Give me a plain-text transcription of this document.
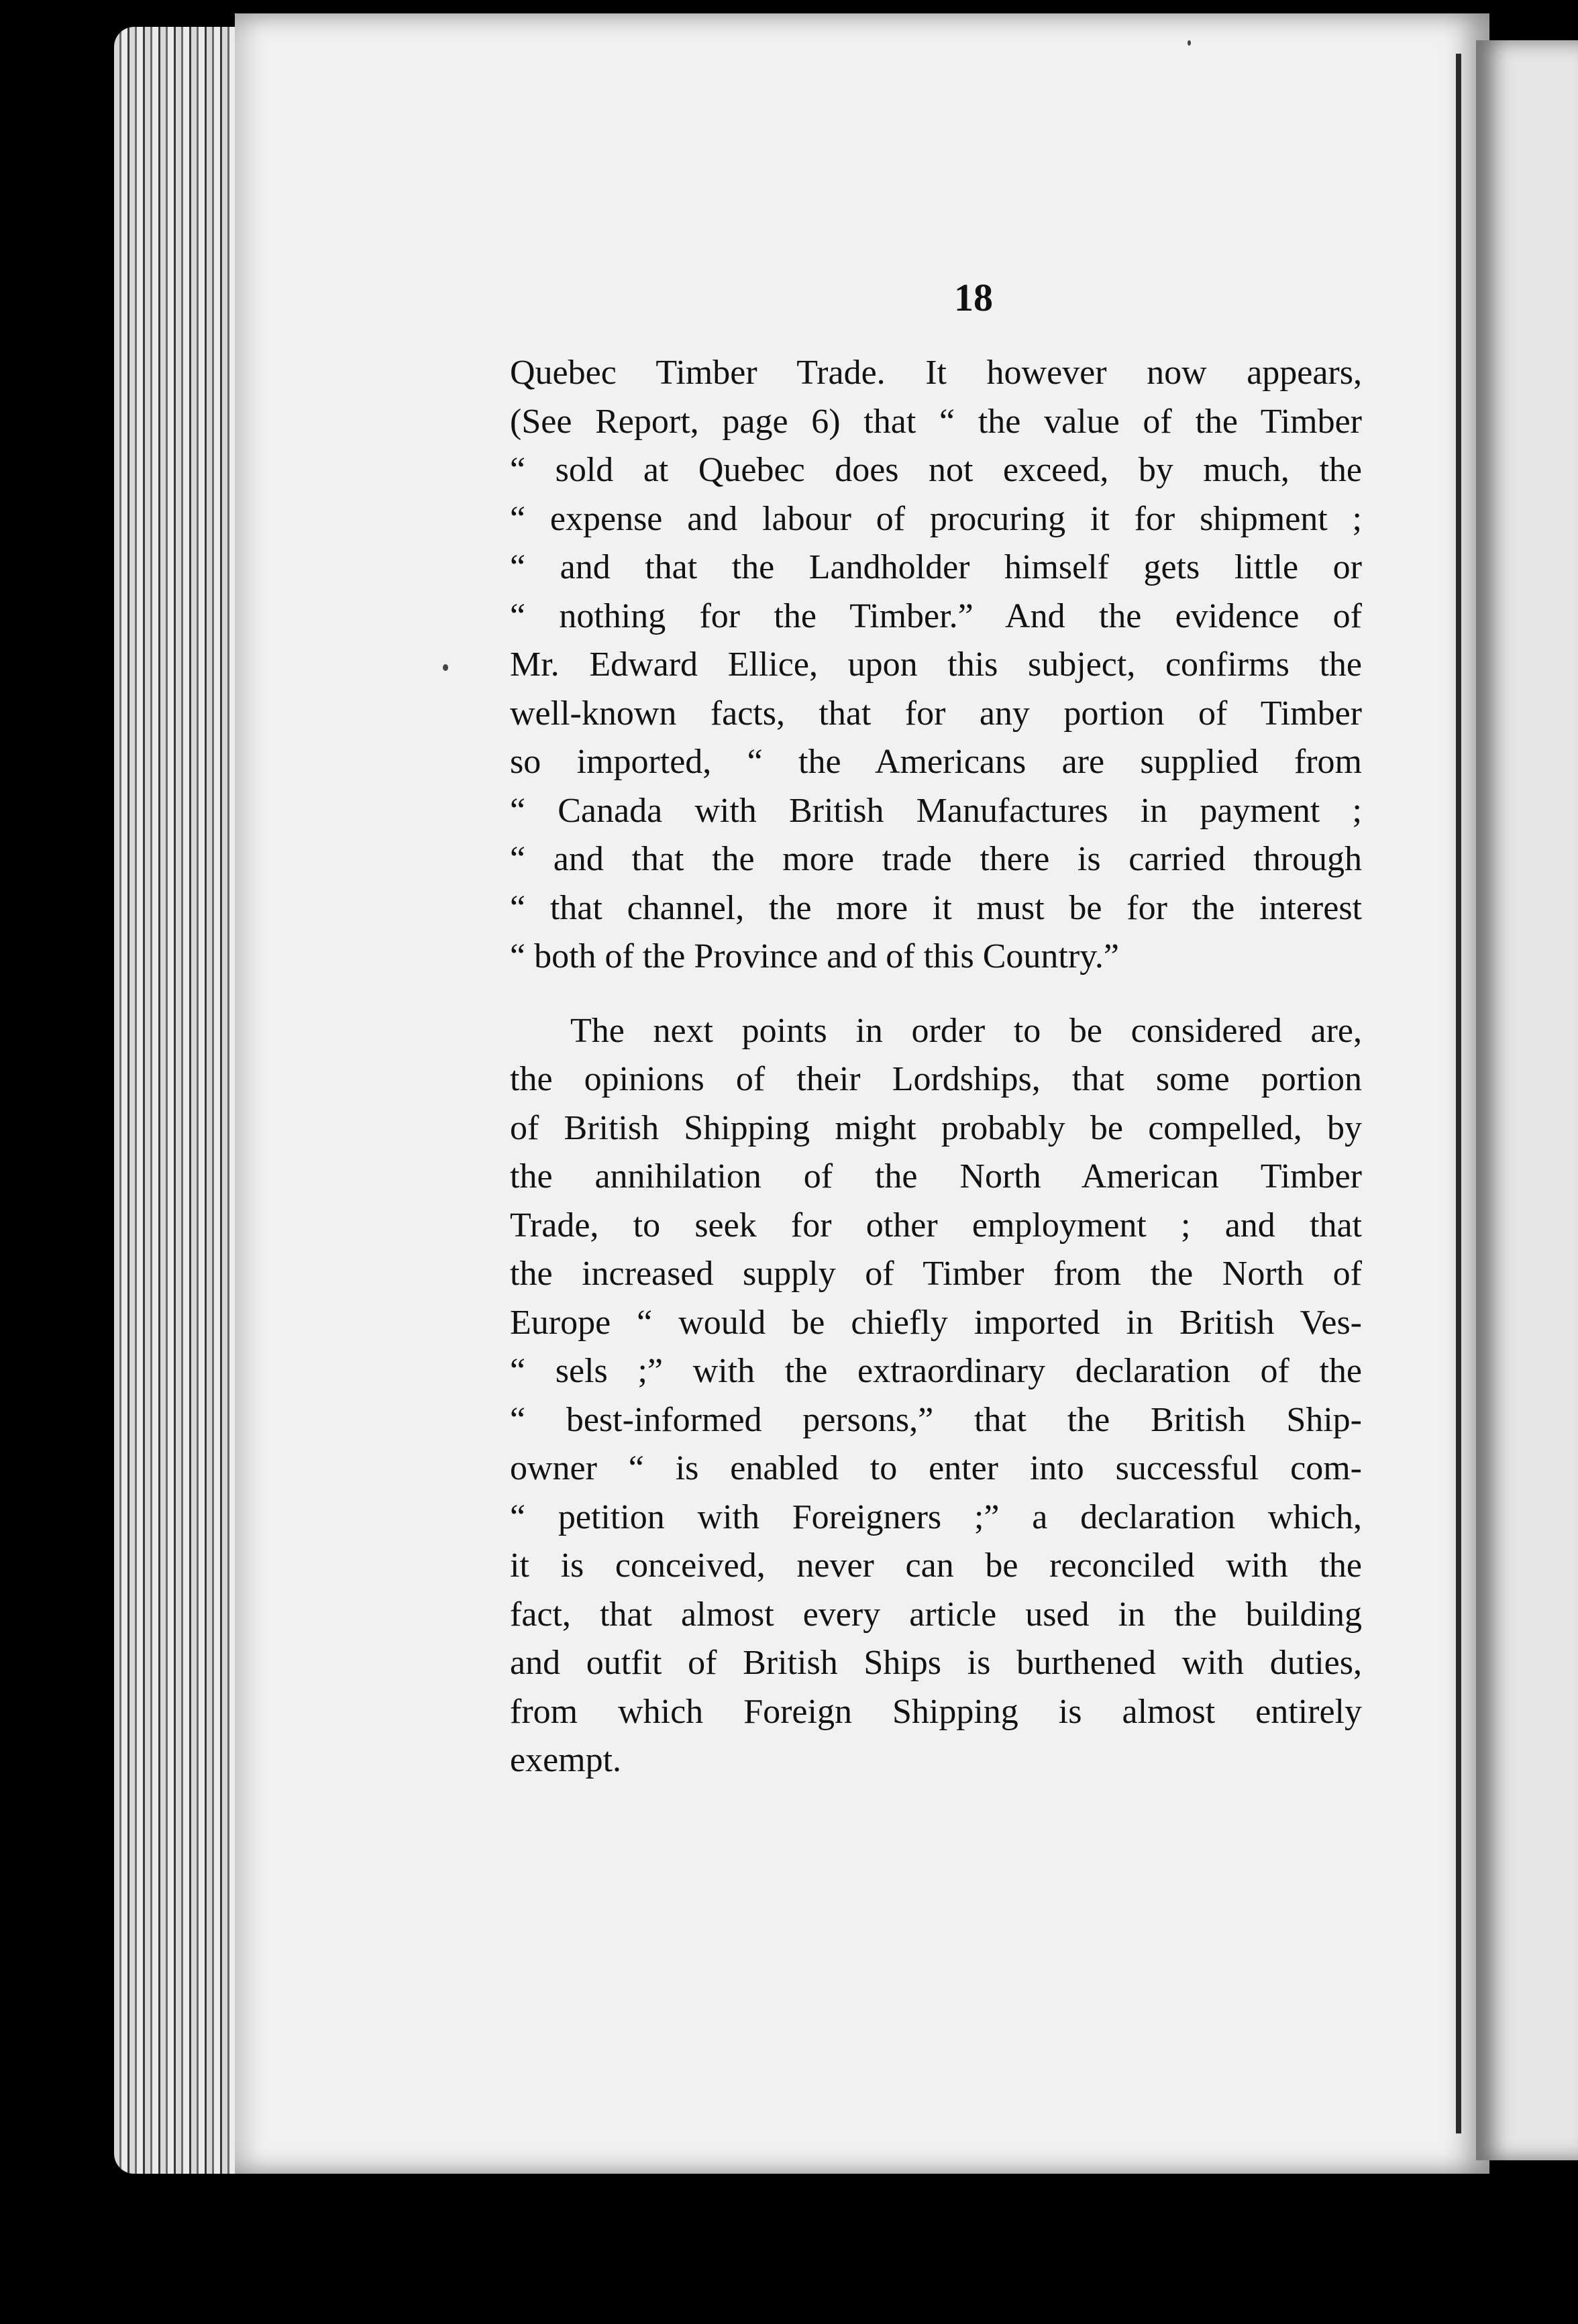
18
Quebec Timber Trade. It however now appears,
(See Report, page 6) that “ the value of the Timber
“ sold at Quebec does not exceed, by much, the
“ expense and labour of procuring it for shipment ;
“ and that the Landholder himself gets little or
“ nothing for the Timber.” And the evidence of
Mr. Edward Ellice, upon this subject, confirms the
well-known facts, that for any portion of Timber
so imported, “ the Americans are supplied from
“ Canada with British Manufactures in payment ;
“ and that the more trade there is carried through
“ that channel, the more it must be for the interest
“ both of the Province and of this Country.”
The next points in order to be considered are,
the opinions of their Lordships, that some portion
of British Shipping might probably be compelled, by
the annihilation of the North American Timber
Trade, to seek for other employment ; and that
the increased supply of Timber from the North of
Europe “ would be chiefly imported in British Ves-
“ sels ;” with the extraordinary declaration of the
“ best-informed persons,” that the British Ship-
owner “ is enabled to enter into successful com-
“ petition with Foreigners ;” a declaration which,
it is conceived, never can be reconciled with the
fact, that almost every article used in the building
and outfit of British Ships is burthened with duties,
from which Foreign Shipping is almost entirely
exempt.
